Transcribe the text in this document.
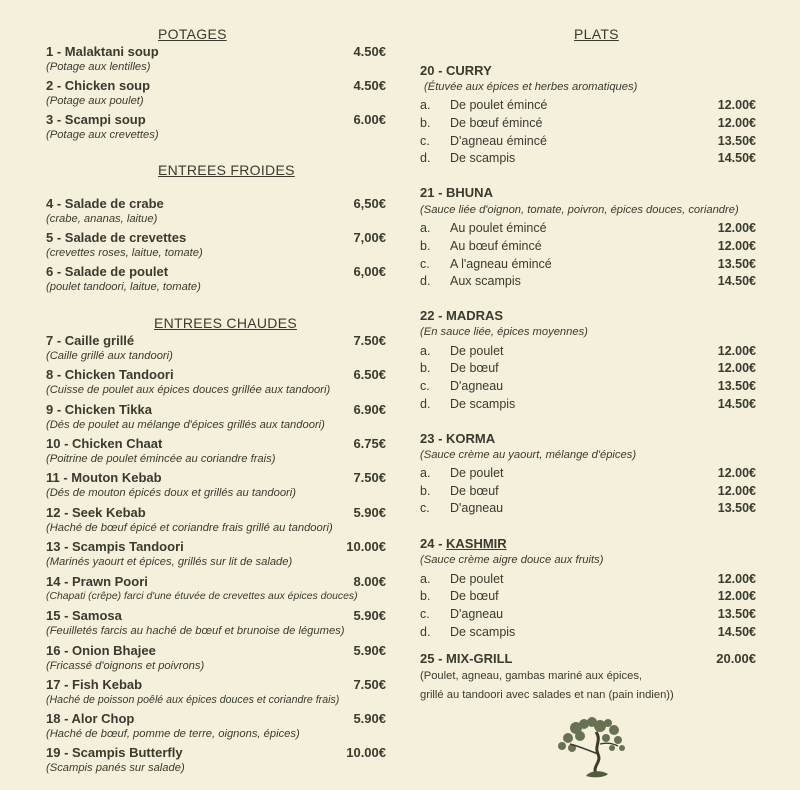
POTAGES
1 - Malaktani soup	4.50€
(Potage aux lentilles)
2 - Chicken soup	4.50€
(Potage aux poulet)
3 - Scampi soup	6.00€
(Potage aux crevettes)
ENTREES FROIDES
4 - Salade de crabe	6,50€
(crabe, ananas, laitue)
5 - Salade de crevettes	7,00€
(crevettes roses, laitue, tomate)
6 - Salade de poulet	6,00€
(poulet tandoori, laitue, tomate)
ENTREES CHAUDES
7 - Caille grillé	7.50€
(Caille grillé aux tandoori)
8 - Chicken Tandoori	6.50€
(Cuisse de poulet aux épices douces grillée aux tandoori)
9 - Chicken Tikka	6.90€
(Dés de poulet au mélange d'épices grillés aux tandoori)
10 - Chicken Chaat	6.75€
(Poitrine de poulet émincée au coriandre frais)
11 - Mouton Kebab	7.50€
(Dés de mouton épicés doux et grillés au tandoori)
12 - Seek Kebab	5.90€
(Haché de bœuf épicé et coriandre frais grillé au tandoori)
13 - Scampis Tandoori	10.00€
(Marinés yaourt et épices, grillés sur lit de salade)
14 - Prawn Poori	8.00€
(Chapati (crêpe) farci d'une étuvée de crevettes aux épices douces)
15 - Samosa	5.90€
(Feuilletés farcis au haché de bœuf et brunoise de légumes)
16 - Onion Bhajee	5.90€
(Fricassé d'oignons et poivrons)
17 - Fish Kebab	7.50€
(Haché de poisson poêlé aux épices douces et coriandre frais)
18 - Alor Chop	5.90€
(Haché de bœuf, pomme de terre, oignons, épices)
19 - Scampis Butterfly	10.00€
(Scampis panés sur salade)
PLATS
20 - CURRY
(Étuvée aux épices et herbes aromatiques)
a. De poulet émincé	12.00€
b. De bœuf émincé	12.00€
c. D'agneau émincé	13.50€
d. De scampis	14.50€
21 - BHUNA
(Sauce liée d'oignon, tomate, poivron, épices douces, coriandre)
a. Au poulet émincé	12.00€
b. Au bœuf émincé	12.00€
c. A l'agneau émincé	13.50€
d. Aux scampis	14.50€
22 - MADRAS
(En sauce liée, épices moyennes)
a. De poulet	12.00€
b. De bœuf	12.00€
c. D'agneau	13.50€
d. De scampis	14.50€
23 - KORMA
(Sauce crème au yaourt, mélange d'épices)
a. De poulet	12.00€
b. De bœuf	12.00€
c. D'agneau	13.50€
24 - KASHMIR
(Sauce crème aigre douce aux fruits)
a. De poulet	12.00€
b. De bœuf	12.00€
c. D'agneau	13.50€
d. De scampis	14.50€
25 - MIX-GRILL	20.00€
(Poulet, agneau, gambas mariné aux épices,
grillé au tandoori avec salades et nan (pain indien))
